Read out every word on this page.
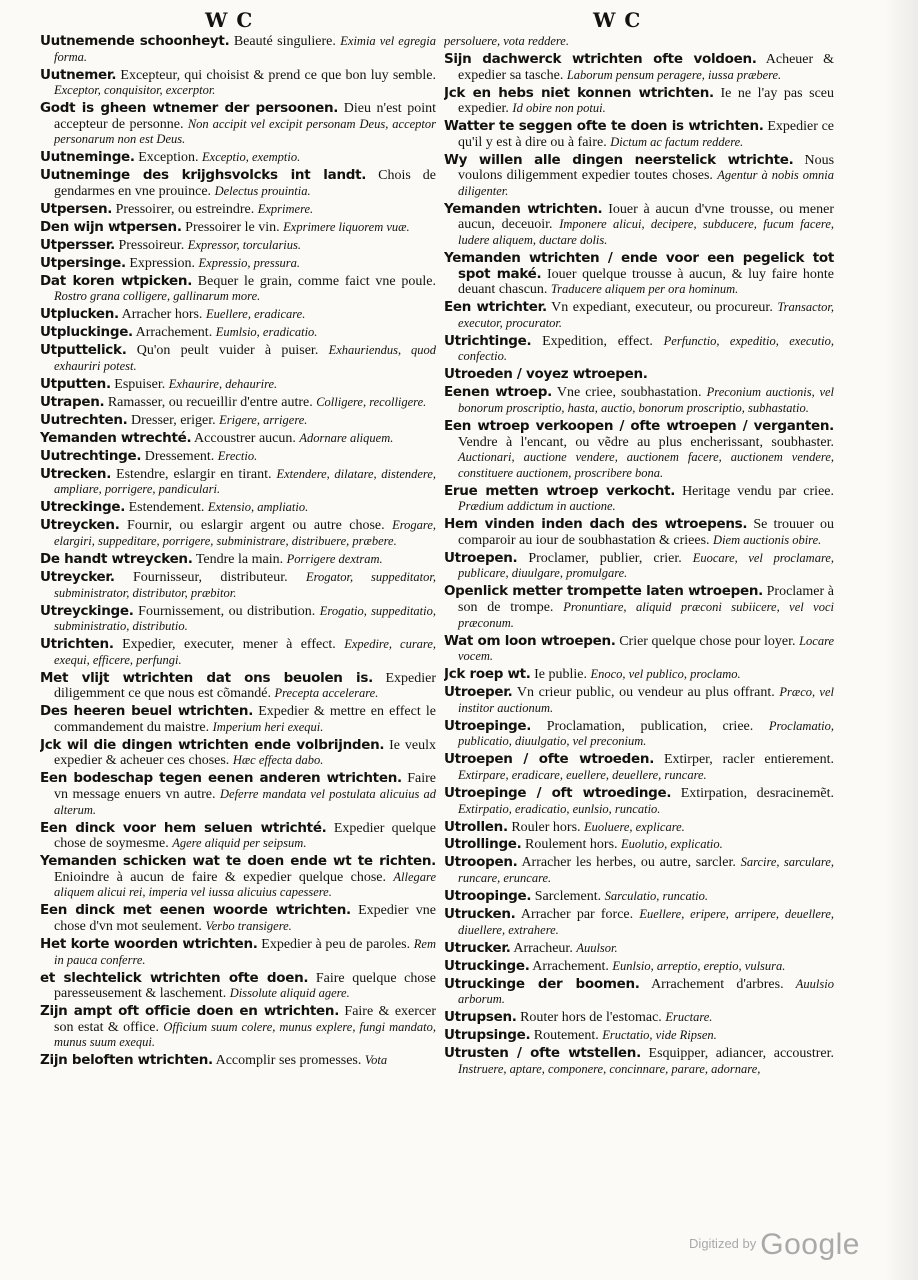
W C	W C

Uutnemende schoonheyt. Beauté singuliere. Eximia vel egregia forma.

Uutnemer. Excepteur, qui choisist & prend ce que bon luy semble. Exceptor, conquisitor, excerptor.

Godt is gheen wtnemer der persoonen. Dieu n'est point accepteur de personne. Non accipit vel excipit personam Deus, acceptor personarum non est Deus.

Uutneminge. Exception. Exceptio, exemptio.

Uutneminge des krijghsvolcks int landt. Chois de gendarmes en vne prouince. Delectus prouintia.

Utpersen. Pressoirer, ou estreindre. Exprimere.

Den wijn wtpersen. Pressoirer le vin. Exprimere liquorem vuæ.

Utpersser. Pressoireur. Expressor, torcularius.

Utpersinge. Expression. Expressio, pressura.

Dat koren wtpicken. Bequer le grain, comme faict vne poule. Rostro grana colligere, gallinarum more.

Utplucken. Arracher hors. Euellere, eradicare.

Utpluckinge. Arrachement. Eumlsio, eradicatio.

Utputtelick. Qu'on peult vuider à puiser. Exhauriendus, quod exhauriri potest.

Utputten. Espuiser. Exhaurire, dehaurire.

Utrapen. Ramasser, ou recueillir d'entre autre. Colligere, recolligere.

Uutrechten. Dresser, eriger. Erigere, arrigere.

Yemanden wtrechté. Accoustrer aucun. Adornare aliquem.

Uutrechtinge. Dressement. Erectio.

Utrecken. Estendre, eslargir en tirant. Extendere, dilatare, distendere, ampliare, porrigere, pandiculari.

Utreckinge. Estendement. Extensio, ampliatio.

Utreycken. Fournir, ou eslargir argent ou autre chose. Erogare, elargiri, suppeditare, porrigere, subministrare, distribuere, præbere.

De handt wtreycken. Tendre la main. Porrigere dextram.

Utreycker. Fournisseur, distributeur. Erogator, suppeditator, subministrator, distributor, præbitor.

Utreyckinge. Fournissement, ou distribution. Erogatio, suppeditatio, subministratio, distributio.

Utrichten. Expedier, executer, mener à effect. Expedire, curare, exequi, efficere, perfungi.

Met vlijt wtrichten dat ons beuolen is. Expedier diligemment ce que nous est cõmandé. Precepta accelerare.

Des heeren beuel wtrichten. Expedier & mettre en effect le commandement du maistre. Imperium heri exequi.

Jck wil die dingen wtrichten ende volbrijnden. Ie veulx expedier & acheuer ces choses. Hæc effecta dabo.

Een bodeschap tegen eenen anderen wtrichten. Faire vn message enuers vn autre. Deferre mandata vel postulata alicuius ad alterum.

Een dinck voor hem seluen wtrichté. Expedier quelque chose de soymesme. Agere aliquid per seipsum.

Yemanden schicken wat te doen ende wt te richten. Enioindre à aucun de faire & expedier quelque chose. Allegare aliquem alicui rei, imperia vel iussa alicuius capessere.

Een dinck met eenen woorde wtrichten. Expedier vne chose d'vn mot seulement. Verbo transigere.

Het korte woorden wtrichten. Expedier à peu de paroles. Rem in pauca conferre.

et slechtelick wtrichten ofte doen. Faire quelque chose paresseusement & laschement. Dissolute aliquid agere.

Zijn ampt oft officie doen en wtrichten. Faire & exercer son estat & office. Officium suum colere, munus explere, fungi mandato, munus suum exequi.

Zijn beloften wtrichten. Accomplir ses promesses. Vota

persoluere, vota reddere.

Sijn dachwerck wtrichten ofte voldoen. Acheuer & expedier sa tasche. Laborum pensum peragere, iussa præbere.

Jck en hebs niet konnen wtrichten. Ie ne l'ay pas sceu expedier. Id obire non potui.

Watter te seggen ofte te doen is wtrichten. Expedier ce qu'il y est à dire ou à faire. Dictum ac factum reddere.

Wy willen alle dingen neerstelick wtrichte. Nous voulons diligemment expedier toutes choses. Agentur à nobis omnia diligenter.

Yemanden wtrichten. Iouer à aucun d'vne trousse, ou mener aucun, deceuoir. Imponere alicui, decipere, subducere, fucum facere, ludere aliquem, ductare dolis.

Yemanden wtrichten / ende voor een pegelick tot spot maké. Iouer quelque trousse à aucun, & luy faire honte deuant chascun. Traducere aliquem per ora hominum.

Een wtrichter. Vn expediant, executeur, ou procureur. Transactor, executor, procurator.

Utrichtinge. Expedition, effect. Perfunctio, expeditio, executio, confectio.

Utroeden / voyez wtroepen.

Eenen wtroep. Vne criee, soubhastation. Preconium auctionis, vel bonorum proscriptio, hasta, auctio, bonorum proscriptio, subhastatio.

Een wtroep verkoopen / ofte wtroepen / verganten. Vendre à l'encant, ou vẽdre au plus encherissant, soubhaster. Auctionari, auctione vendere, auctionem facere, auctionem vendere, constituere auctionem, proscribere bona.

Erue metten wtroep verkocht. Heritage vendu par criee. Prædium addictum in auctione.

Hem vinden inden dach des wtroepens. Se trouuer ou comparoir au iour de soubhastation & criees. Diem auctionis obire.

Utroepen. Proclamer, publier, crier. Euocare, vel proclamare, publicare, diuulgare, promulgare.

Openlick metter trompette laten wtroepen. Proclamer à son de trompe. Pronuntiare, aliquid præconi subiicere, vel voci præconum.

Wat om loon wtroepen. Crier quelque chose pour loyer. Locare vocem.

Jck roep wt. Ie publie. Enoco, vel publico, proclamo.

Utroeper. Vn crieur public, ou vendeur au plus offrant. Præco, vel institor auctionum.

Utroepinge. Proclamation, publication, criee. Proclamatio, publicatio, diuulgatio, vel preconium.

Utroepen / ofte wtroeden. Extirper, racler entierement. Extirpare, eradicare, euellere, deuellere, runcare.

Utroepinge / oft wtroedinge. Extirpation, desracinemẽt. Extirpatio, eradicatio, eunlsio, runcatio.

Utrollen. Rouler hors. Euoluere, explicare.

Utrollinge. Roulement hors. Euolutio, explicatio.

Utroopen. Arracher les herbes, ou autre, sarcler. Sarcire, sarculare, runcare, eruncare.

Utroopinge. Sarclement. Sarculatio, runcatio.

Utrucken. Arracher par force. Euellere, eripere, arripere, deuellere, diuellere, extrahere.

Utrucker. Arracheur. Auulsor.

Utruckinge. Arrachement. Eunlsio, arreptio, ereptio, vulsura.

Utruckinge der boomen. Arrachement d'arbres. Auulsio arborum.

Utrupsen. Router hors de l'estomac. Eructare.

Utrupsinge. Routement. Eructatio, vide Ripsen.

Utrusten / ofte wtstellen. Esquipper, adiancer, accoustrer. Instruere, aptare, componere, concinnare, parare, adornare,

$^{Digitized by}$ Google
